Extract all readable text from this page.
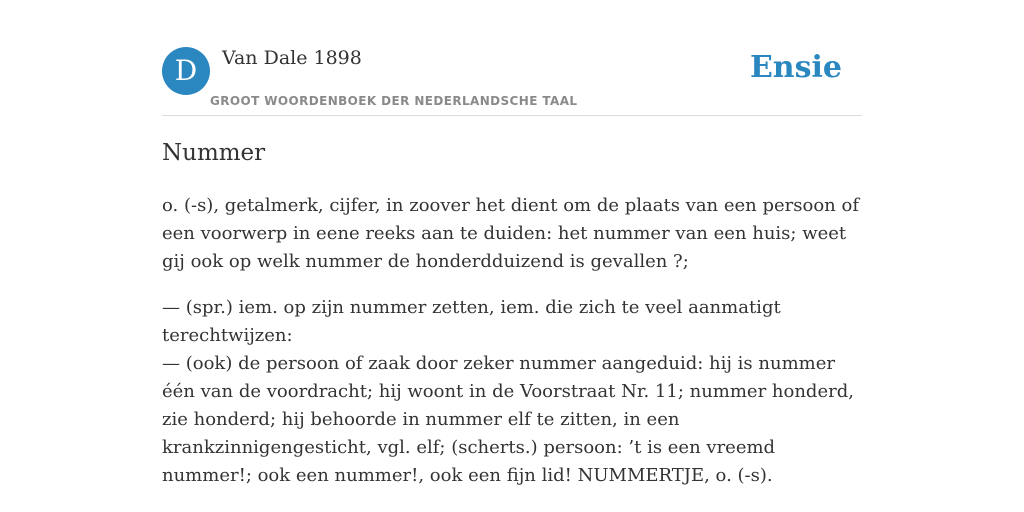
D	Van Dale 1898
GROOT WOORDENBOEK DER NEDERLANDSCHE TAAL
Ensie
Nummer

o. (-s), getalmerk, cijfer, in zoover het dient om de plaats van een persoon of een voorwerp in eene reeks aan te duiden: het nummer van een huis; weet gij ook op welk nummer de honderdduizend is gevallen ?;

— (spr.) iem. op zijn nummer zetten, iem. die zich te veel aanmatigt terechtwijzen:
— (ook) de persoon of zaak door zeker nummer aangeduid: hij is nummer één van de voordracht; hij woont in de Voorstraat Nr. 11; nummer honderd, zie honderd; hij behoorde in nummer elf te zitten, in een krankzinnigengesticht, vgl. elf; (scherts.) persoon: ’t is een vreemd nummer!; ook een nummer!, ook een fijn lid! NUMMERTJE, o. (-s).
